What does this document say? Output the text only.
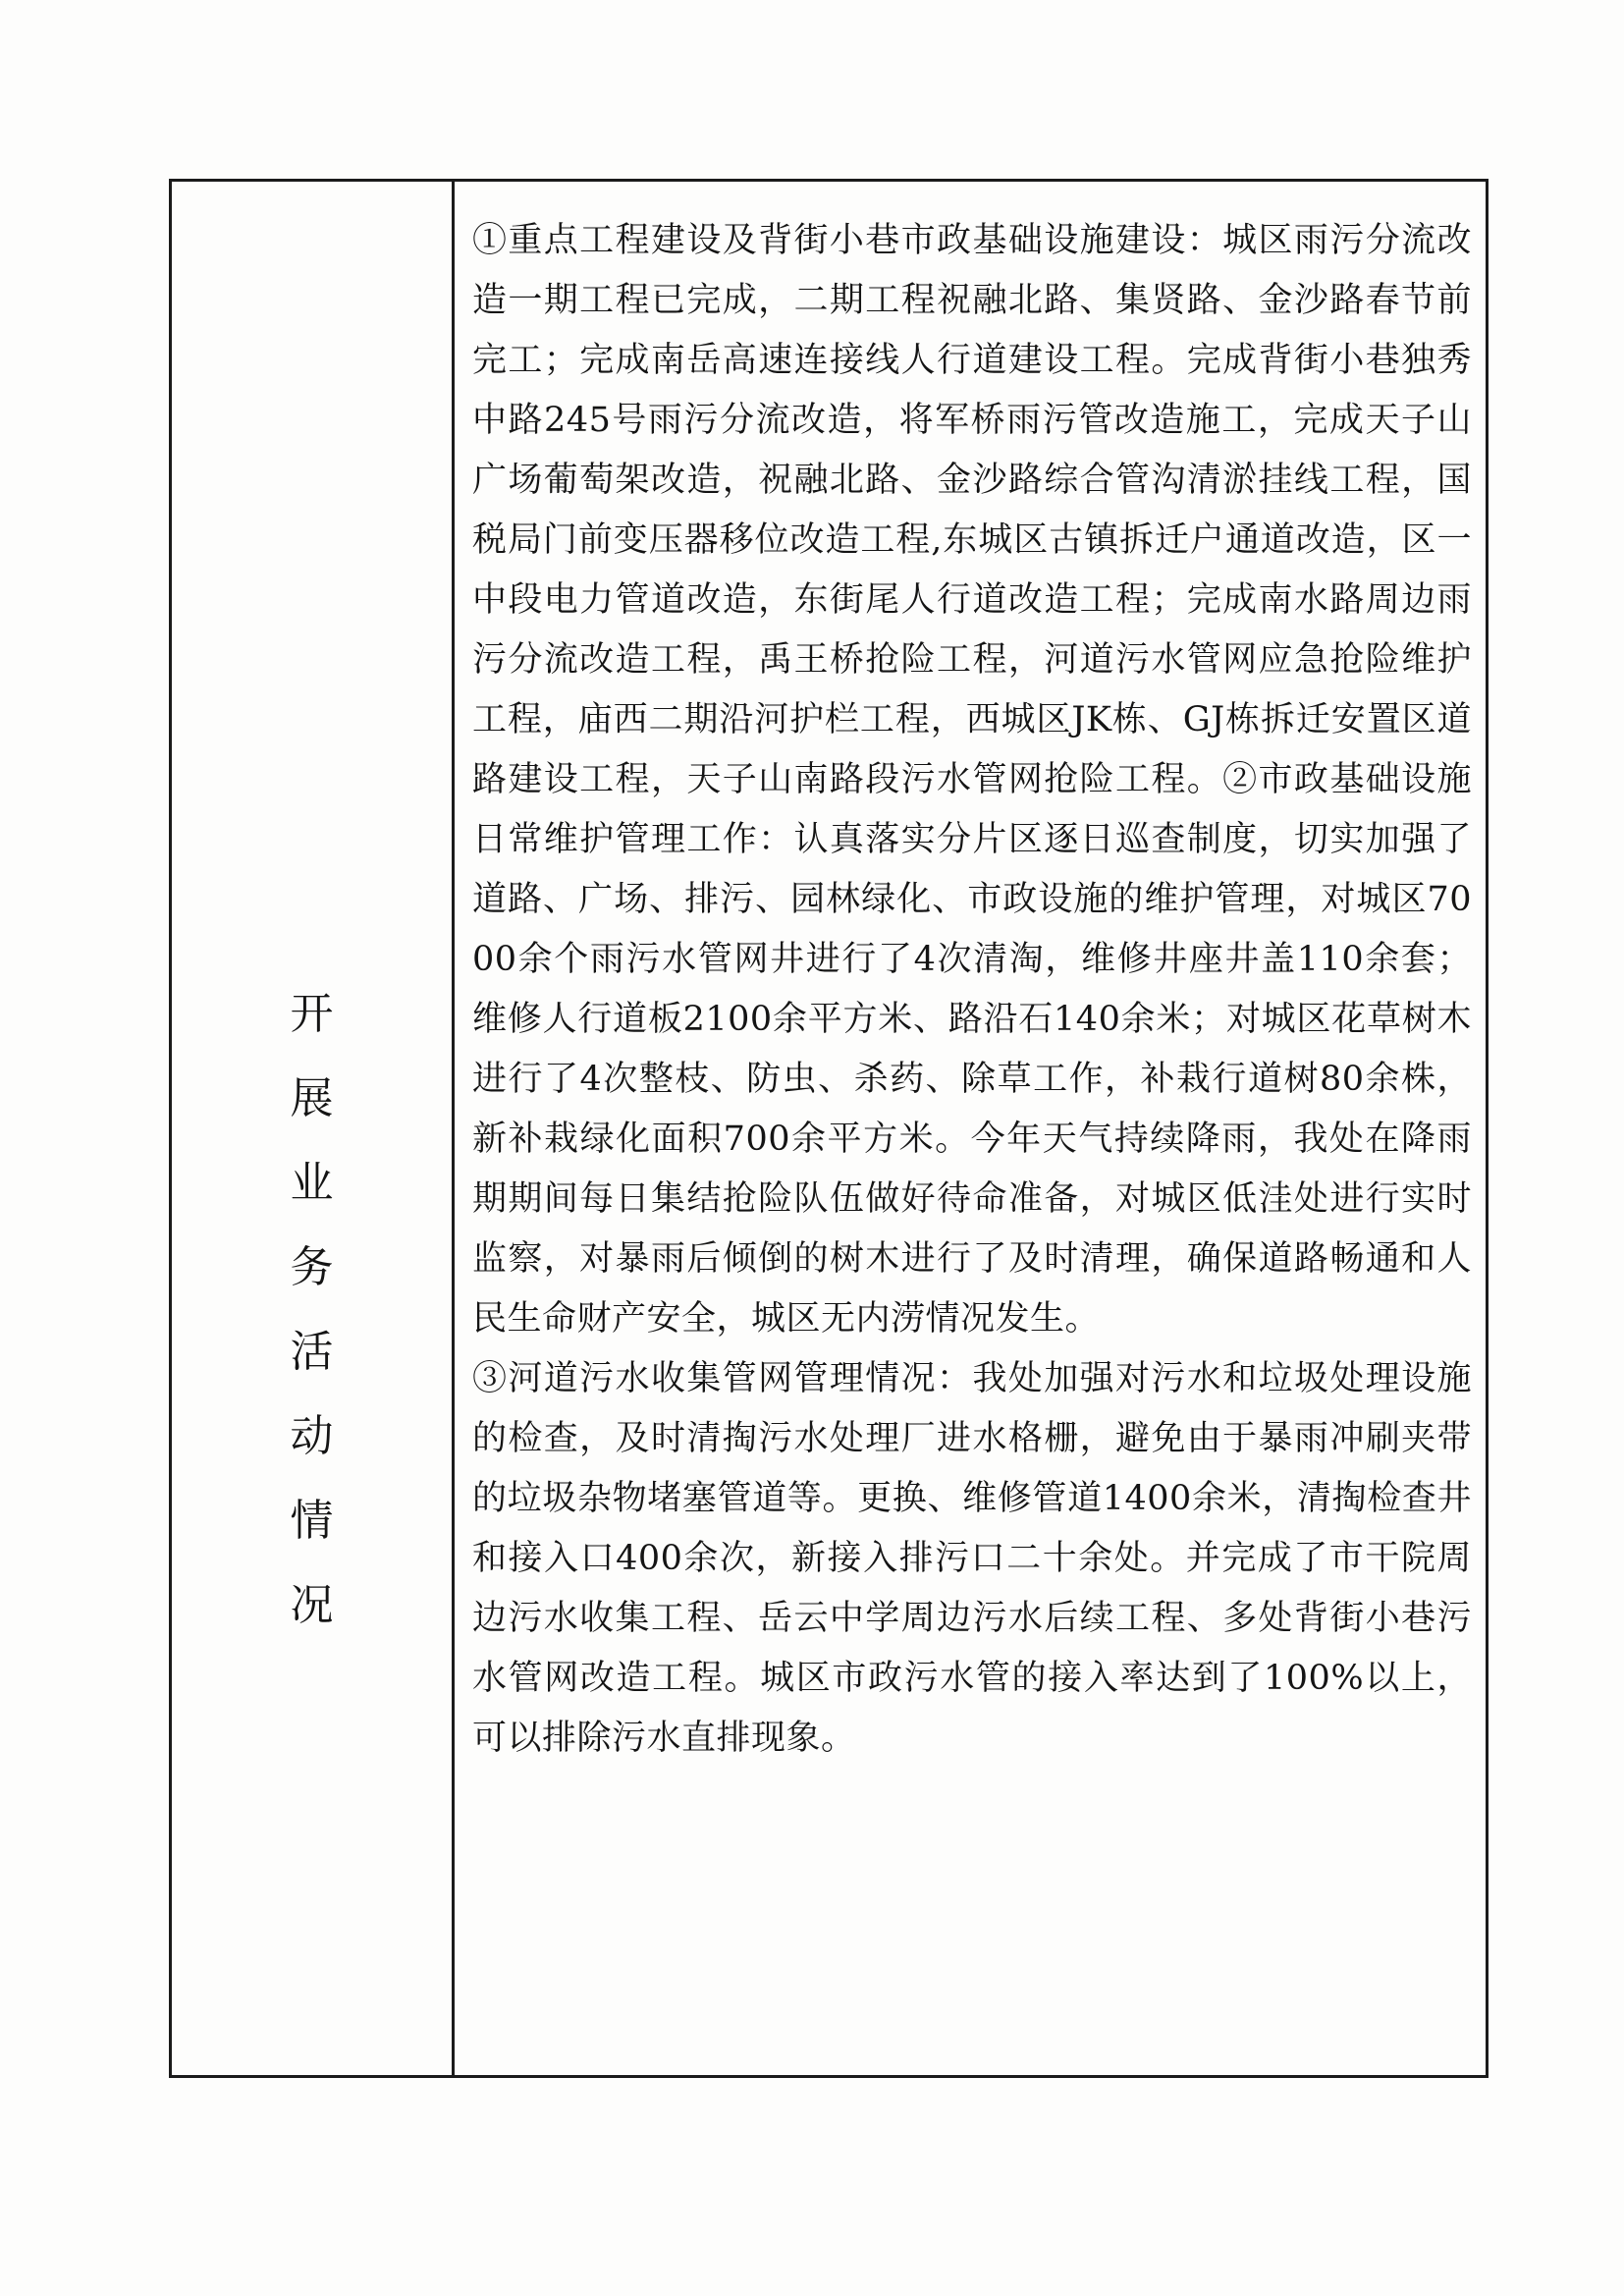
开
展
业
务
活
动
情
况

①重点工程建设及背街小巷市政基础设施建设：城区雨污分流改造一期工程已完成，二期工程祝融北路、集贤路、金沙路春节前完工；完成南岳高速连接线人行道建设工程。完成背街小巷独秀中路245号雨污分流改造，将军桥雨污管改造施工，完成天子山广场葡萄架改造，祝融北路、金沙路综合管沟清淤挂线工程，国税局门前变压器移位改造工程,东城区古镇拆迁户通道改造，区一中段电力管道改造，东街尾人行道改造工程；完成南水路周边雨污分流改造工程，禹王桥抢险工程，河道污水管网应急抢险维护工程，庙西二期沿河护栏工程，西城区JK栋、GJ栋拆迁安置区道路建设工程，天子山南路段污水管网抢险工程。②市政基础设施日常维护管理工作：认真落实分片区逐日巡查制度，切实加强了道路、广场、排污、园林绿化、市政设施的维护管理，对城区7000余个雨污水管网井进行了4次清淘，维修井座井盖110余套；维修人行道板2100余平方米、路沿石140余米；对城区花草树木进行了4次整枝、防虫、杀药、除草工作，补栽行道树80余株，新补栽绿化面积700余平方米。今年天气持续降雨，我处在降雨期期间每日集结抢险队伍做好待命准备，对城区低洼处进行实时监察，对暴雨后倾倒的树木进行了及时清理，确保道路畅通和人民生命财产安全，城区无内涝情况发生。

③河道污水收集管网管理情况：我处加强对污水和垃圾处理设施的检查，及时清掏污水处理厂进水格栅，避免由于暴雨冲刷夹带的垃圾杂物堵塞管道等。更换、维修管道1400余米，清掏检查井和接入口400余次，新接入排污口二十余处。并完成了市干院周边污水收集工程、岳云中学周边污水后续工程、多处背街小巷污水管网改造工程。城区市政污水管的接入率达到了100%以上，可以排除污水直排现象。
